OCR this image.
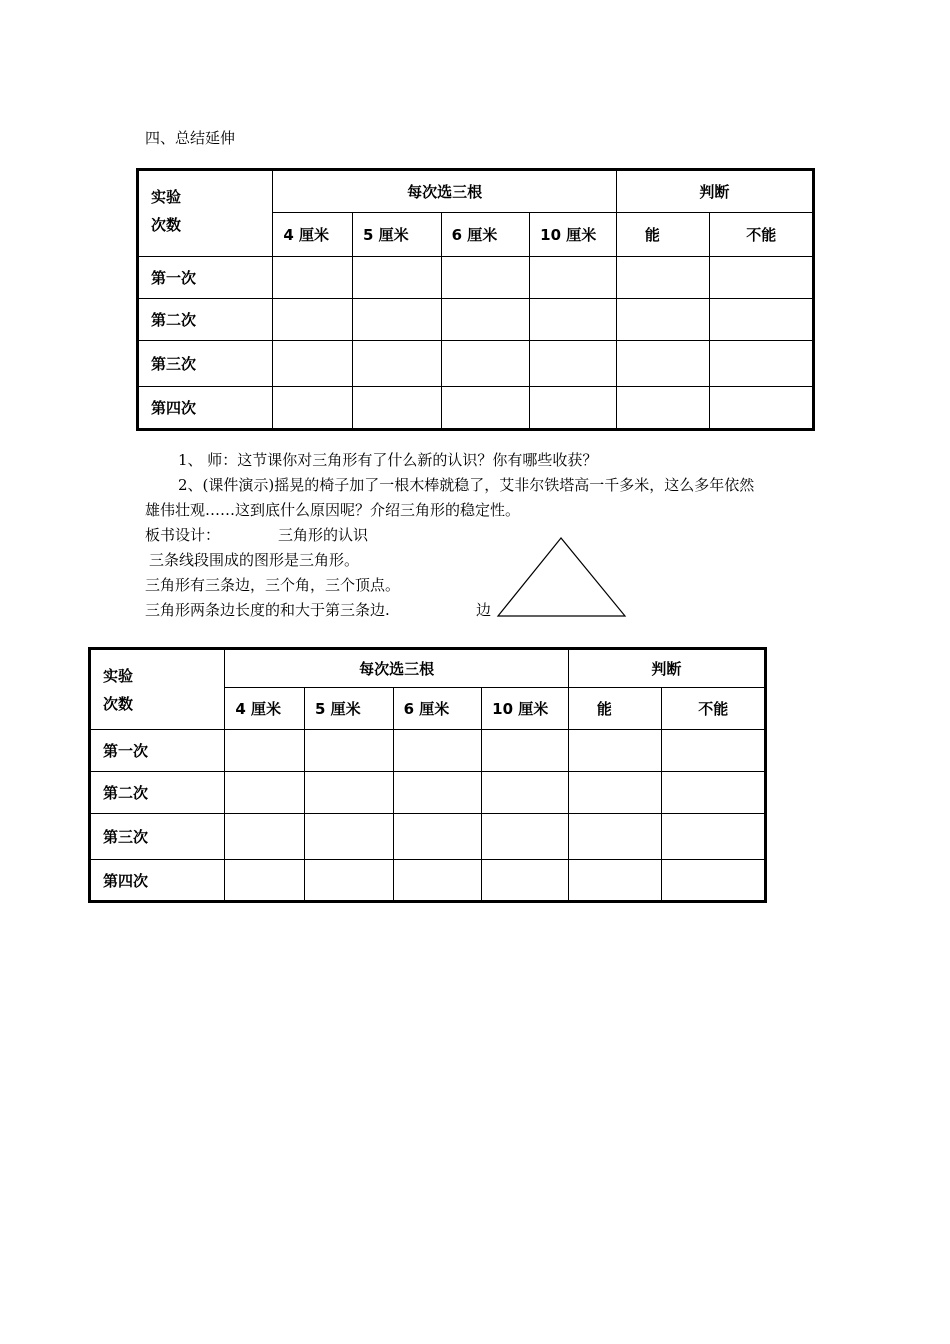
四、总结延伸
实验
次数	每次选三根				判断	
	4 厘米	5 厘米	6 厘米	10 厘米	能	不能
第一次						
第二次						
第三次						
第四次						
1、 师：这节课你对三角形有了什么新的认识？你有哪些收获？
2、(课件演示)摇晃的椅子加了一根木棒就稳了，艾非尔铁塔高一千多米，这么多年依然
雄伟壮观……这到底什么原因呢？介绍三角形的稳定性。
板书设计：	三角形的认识
三条线段围成的图形是三角形。
三角形有三条边，三个角，三个顶点。
三角形两条边长度的和大于第三条边.	边
实验
次数	每次选三根				判断	
	4 厘米	5 厘米	6 厘米	10 厘米	能	不能
第一次						
第二次						
第三次						
第四次						
